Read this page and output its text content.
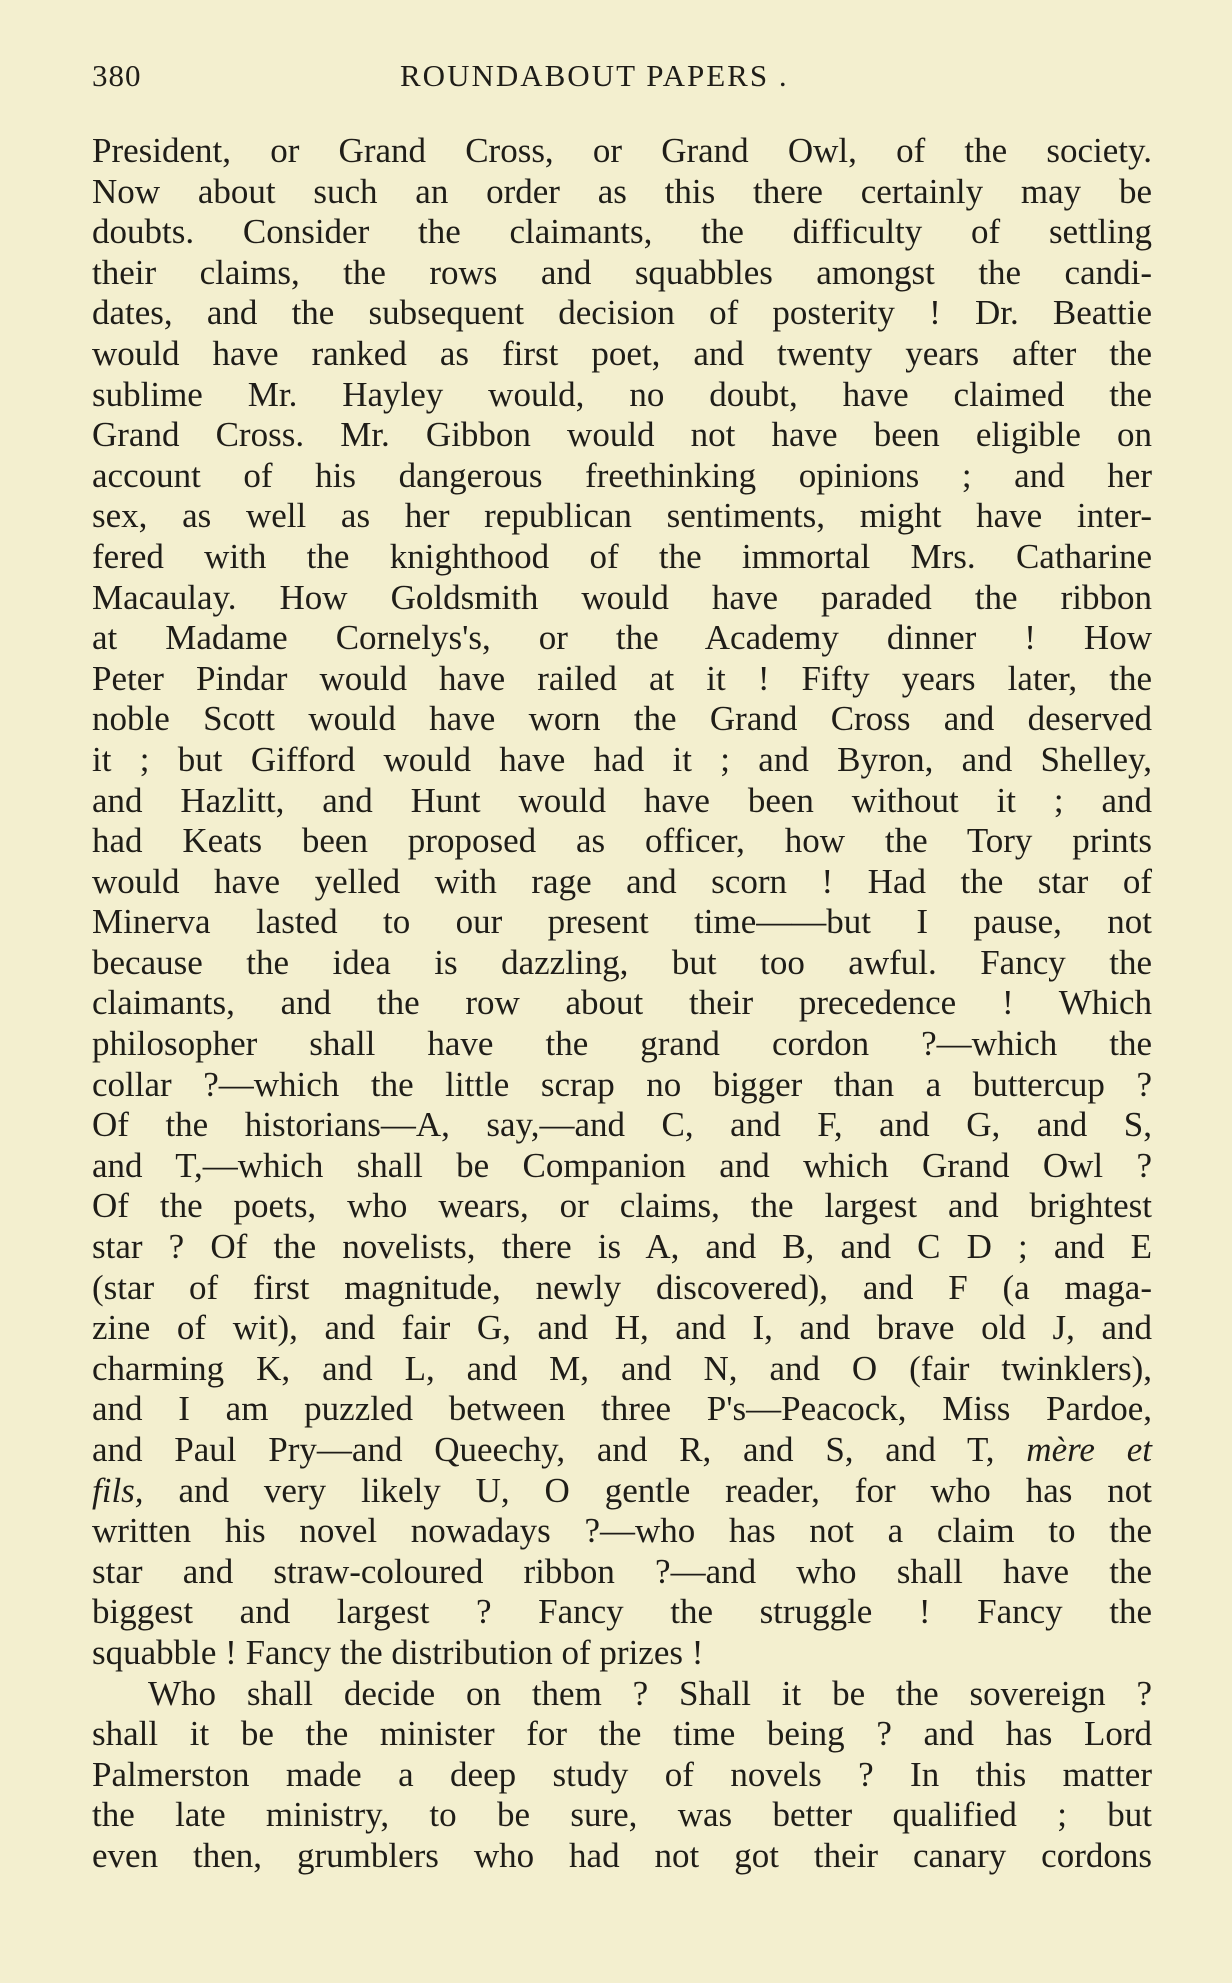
380	ROUNDABOUT PAPERS .
President, or Grand Cross, or Grand Owl, of the society.
Now about such an order as this there certainly may be
doubts. Consider the claimants, the difficulty of settling
their claims, the rows and squabbles amongst the candi-
dates, and the subsequent decision of posterity ! Dr. Beattie
would have ranked as first poet, and twenty years after the
sublime Mr. Hayley would, no doubt, have claimed the
Grand Cross. Mr. Gibbon would not have been eligible on
account of his dangerous freethinking opinions ; and her
sex, as well as her republican sentiments, might have inter-
fered with the knighthood of the immortal Mrs. Catharine
Macaulay. How Goldsmith would have paraded the ribbon
at Madame Cornelys's, or the Academy dinner ! How
Peter Pindar would have railed at it ! Fifty years later, the
noble Scott would have worn the Grand Cross and deserved
it ; but Gifford would have had it ; and Byron, and Shelley,
and Hazlitt, and Hunt would have been without it ; and
had Keats been proposed as officer, how the Tory prints
would have yelled with rage and scorn ! Had the star of
Minerva lasted to our present time——but I pause, not
because the idea is dazzling, but too awful. Fancy the
claimants, and the row about their precedence ! Which
philosopher shall have the grand cordon ?—which the
collar ?—which the little scrap no bigger than a buttercup ?
Of the historians—A, say,—and C, and F, and G, and S,
and T,—which shall be Companion and which Grand Owl ?
Of the poets, who wears, or claims, the largest and brightest
star ? Of the novelists, there is A, and B, and C D ; and E
(star of first magnitude, newly discovered), and F (a maga-
zine of wit), and fair G, and H, and I, and brave old J, and
charming K, and L, and M, and N, and O (fair twinklers),
and I am puzzled between three P's—Peacock, Miss Pardoe,
and Paul Pry—and Queechy, and R, and S, and T, mère et
fils, and very likely U, O gentle reader, for who has not
written his novel nowadays ?—who has not a claim to the
star and straw-coloured ribbon ?—and who shall have the
biggest and largest ? Fancy the struggle ! Fancy the
squabble ! Fancy the distribution of prizes !
Who shall decide on them ? Shall it be the sovereign ?
shall it be the minister for the time being ? and has Lord
Palmerston made a deep study of novels ? In this matter
the late ministry, to be sure, was better qualified ; but
even then, grumblers who had not got their canary cordons
